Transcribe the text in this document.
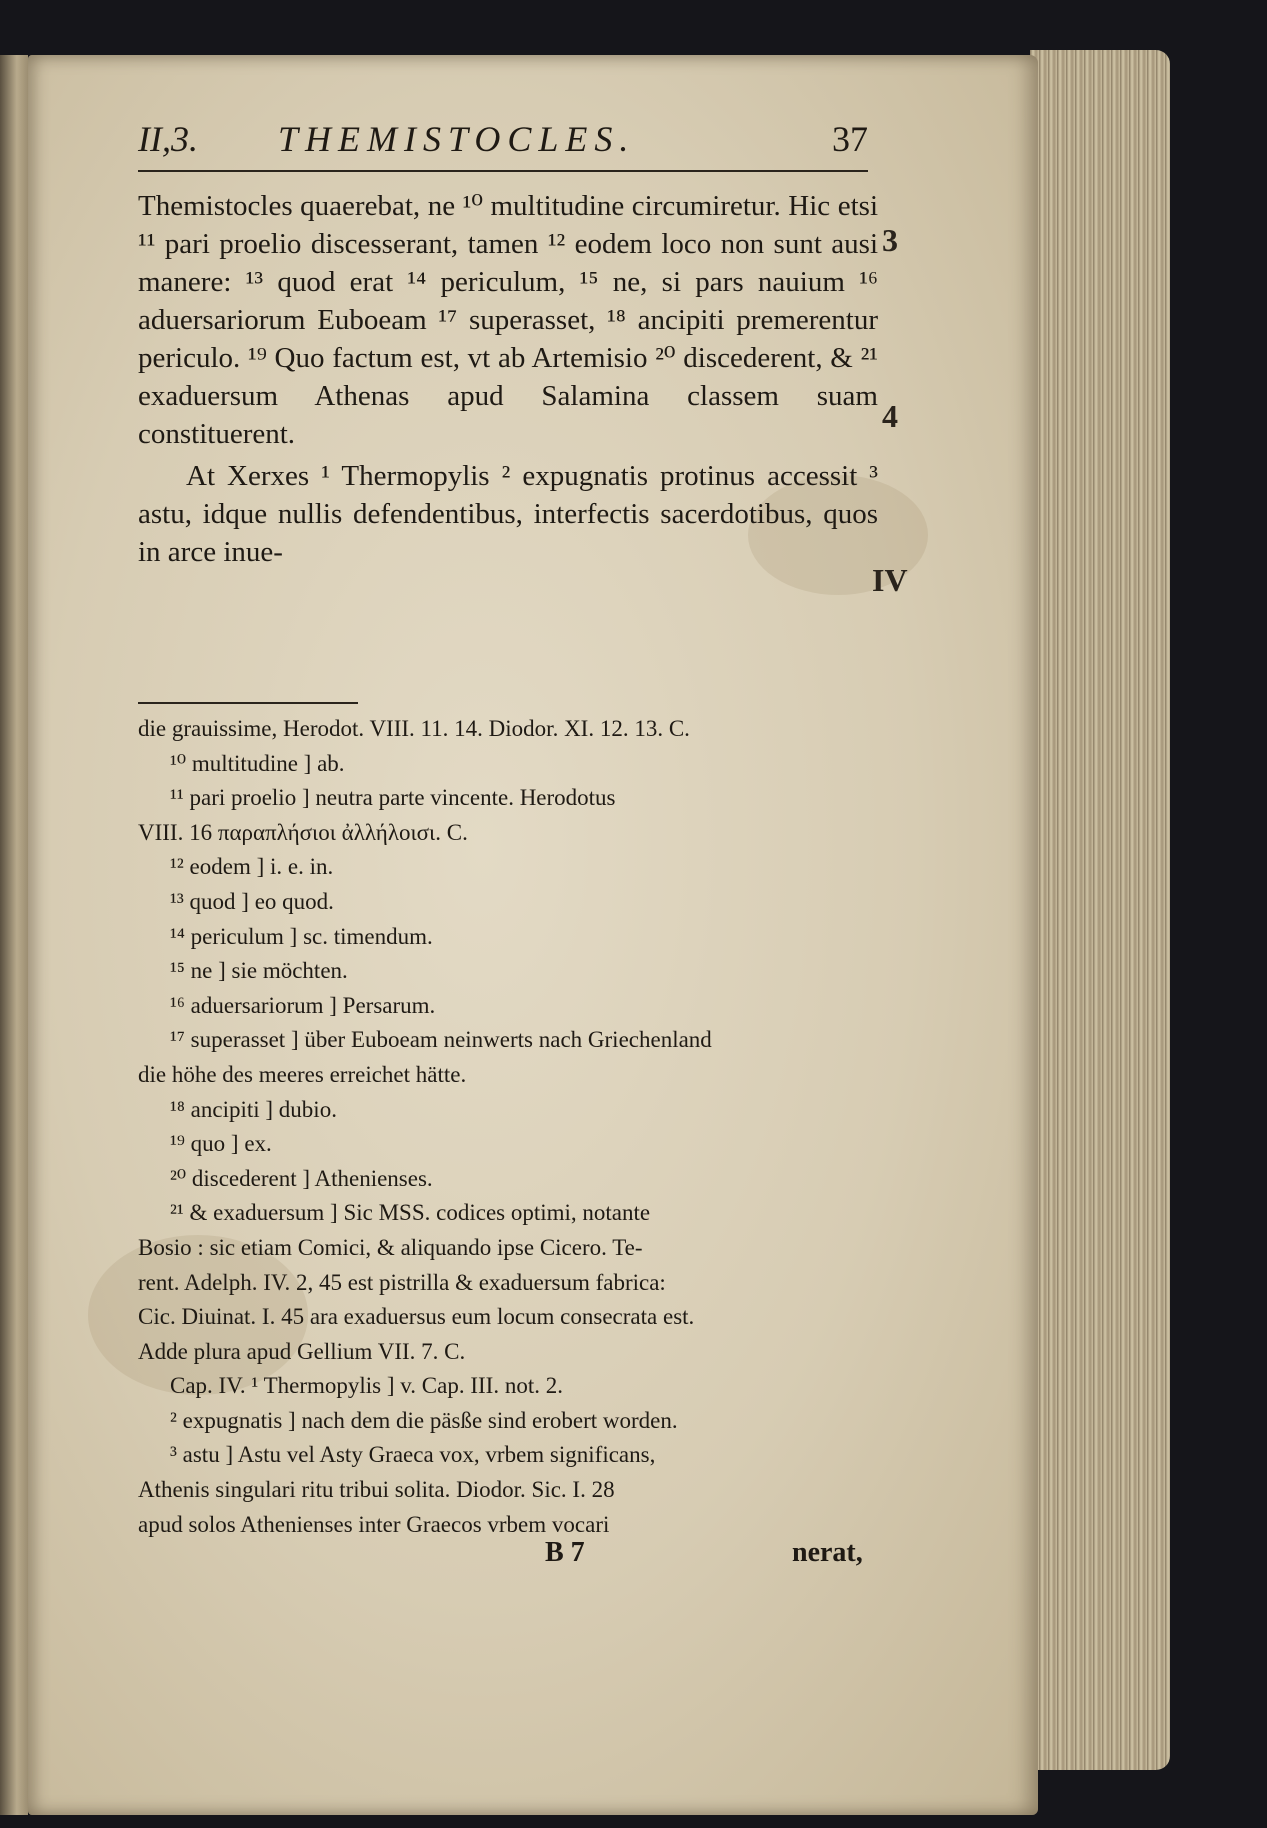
II,3. THEMISTOCLES.	37

Themistocles quaerebat, ne ¹⁰ multitudine circumiretur. Hic etsi ¹¹ pari proelio discesserant, tamen ¹² eodem loco non sunt ausi manere: ¹³ quod erat ¹⁴ periculum, ¹⁵ ne, si pars nauium ¹⁶ aduersariorum Euboeam ¹⁷ superasset, ¹⁸ ancipiti premerentur periculo. ¹⁹ Quo factum est, vt ab Artemisio ²⁰ discederent, & ²¹ exaduersum Athenas apud Salamina classem suam constituerent.

At Xerxes ¹ Thermopylis ² expugnatis protinus accessit ³ astu, idque nullis defendentibus, interfectis sacerdotibus, quos in arce inue-

3
4
IV
die grauissime, Herodot. VIII. 11. 14. Diodor. XI. 12. 13. C.
¹⁰ multitudine ] ab.
¹¹ pari proelio ] neutra parte vincente. Herodotus
VIII. 16 παραπλήσιοι ἀλλήλοισι. C.
¹² eodem ] i. e. in.
¹³ quod ] eo quod.
¹⁴ periculum ] sc. timendum.
¹⁵ ne ] sie möchten.
¹⁶ aduersariorum ] Persarum.
¹⁷ superasset ] über Euboeam neinwerts nach Griechenland
die höhe des meeres erreichet hätte.
¹⁸ ancipiti ] dubio.
¹⁹ quo ] ex.
²⁰ discederent ] Athenienses.
²¹ & exaduersum ] Sic MSS. codices optimi, notante
Bosio : sic etiam Comici, & aliquando ipse Cicero. Te-
rent. Adelph. IV. 2, 45 est pistrilla & exaduersum fabrica:
Cic. Diuinat. I. 45 ara exaduersus eum locum consecrata est.
Adde plura apud Gellium VII. 7. C.
Cap. IV. ¹ Thermopylis ] v. Cap. III. not. 2.
² expugnatis ] nach dem die päsße sind erobert worden.
³ astu ] Astu vel Asty Graeca vox, vrbem significans,
Athenis singulari ritu tribui solita. Diodor. Sic. I. 28
apud solos Athenienses inter Graecos vrbem vocari
B 7	nerat,
